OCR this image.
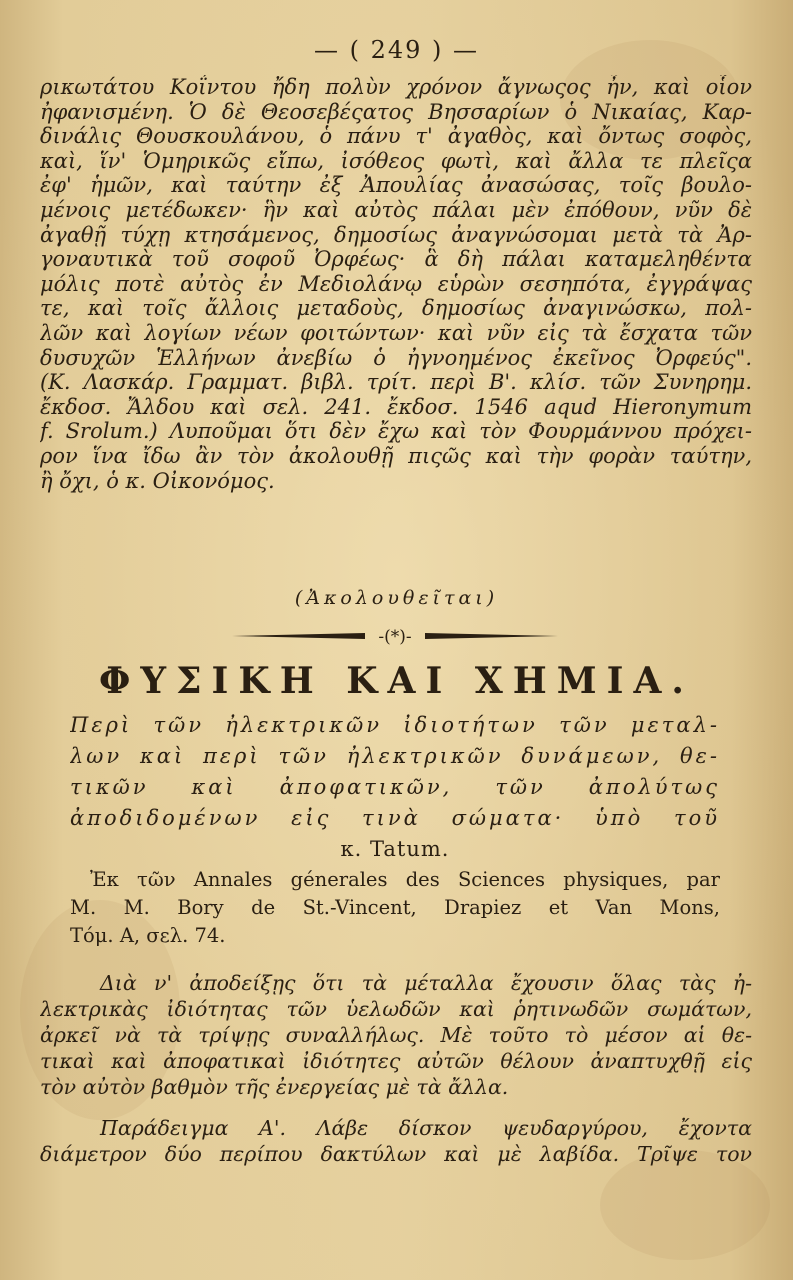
— ( 249 ) —
ρικωτάτου Κοΐντου ἤδη πολὺν χρόνον ἄγνωςος ἦν, καὶ οἷον
ἠφανισμένη. Ὁ δὲ Θεοσεβέςατος Βησσαρίων ὁ Νικαίας, Καρ-
δινάλις Θουσκουλάνου, ὁ πάνυ τ' ἀγαθὸς, καὶ ὄντως σοφὸς,
καὶ, ἵν' Ὁμηρικῶς εἴπω, ἰσόθεος φωτὶ, καὶ ἄλλα τε πλεῖςα
ἐφ' ἡμῶν, καὶ ταύτην ἐξ Ἀπουλίας ἀνασώσας, τοῖς βουλο-
μένοις μετέδωκεν· ἣν καὶ αὐτὸς πάλαι μὲν ἐπόθουν, νῦν δὲ
ἀγαθῇ τύχῃ κτησάμενος, δημοσίως ἀναγνώσομαι μετὰ τὰ Ἀρ-
γοναυτικὰ τοῦ σοφοῦ Ὀρφέως· ἃ δὴ πάλαι καταμεληθέντα
μόλις ποτὲ αὐτὸς ἐν Μεδιολάνῳ εὑρὼν σεσηπότα, ἐγγράψας
τε, καὶ τοῖς ἄλλοις μεταδοὺς, δημοσίως ἀναγινώσκω, πολ-
λῶν καὶ λογίων νέων φοιτώντων· καὶ νῦν εἰς τὰ ἔσχατα τῶν
δυσυχῶν Ἑλλήνων ἀνεβίω ὁ ἠγνοημένος ἐκεῖνος Ὀρφεύς".
(Κ. Λασκάρ. Γραμματ. βιβλ. τρίτ. περὶ Β'. κλίσ. τῶν Συνηρημ.
ἔκδοσ. Ἄλδου καὶ σελ. 241. ἔκδοσ. 1546 aqud Hieronymum
f. Srolum.) Λυποῦμαι ὅτι δὲν ἔχω καὶ τὸν Φουρμάννου πρόχει-
ρον ἵνα ἴδω ἂν τὸν ἀκολουθῇ πιςῶς καὶ τὴν φορὰν ταύτην,
ἢ ὄχι, ὁ κ. Οἰκονόμος.
(Ἀκολουθεῖται)
-(*)-
ΦΥΣΙΚΗ ΚΑΙ ΧΗΜΙΑ.
Περὶ τῶν ἠλεκτρικῶν ἰδιοτήτων τῶν μεταλ-
λων καὶ περὶ τῶν ἠλεκτρικῶν δυνάμεων, θε-
τικῶν καὶ ἀποφατικῶν, τῶν ἀπολύτως
ἀποδιδομένων εἰς τινὰ σώματα· ὑπὸ τοῦ
κ. Tatum.
Ἐκ τῶν Annales génerales des Sciences physiques, par
M. M. Bory de St.-Vincent, Drapiez et Van Mons,
Τόμ. Α, σελ. 74.
Διὰ ν' ἀποδείξῃς ὅτι τὰ μέταλλα ἔχουσιν ὅλας τὰς ἠ-
λεκτρικὰς ἰδιότητας τῶν ὑελωδῶν καὶ ῥητινωδῶν σωμάτων,
ἀρκεῖ νὰ τὰ τρίψῃς συναλλήλως. Μὲ τοῦτο τὸ μέσον αἱ θε-
τικαὶ καὶ ἀποφατικαὶ ἰδιότητες αὐτῶν θέλουν ἀναπτυχθῇ εἰς
τὸν αὐτὸν βαθμὸν τῆς ἐνεργείας μὲ τὰ ἄλλα.
Παράδειγμα Α'. Λάβε δίσκον ψευδαργύρου, ἔχοντα
διάμετρον δύο περίπου δακτύλων καὶ μὲ λαβίδα. Τρῖψε τον
